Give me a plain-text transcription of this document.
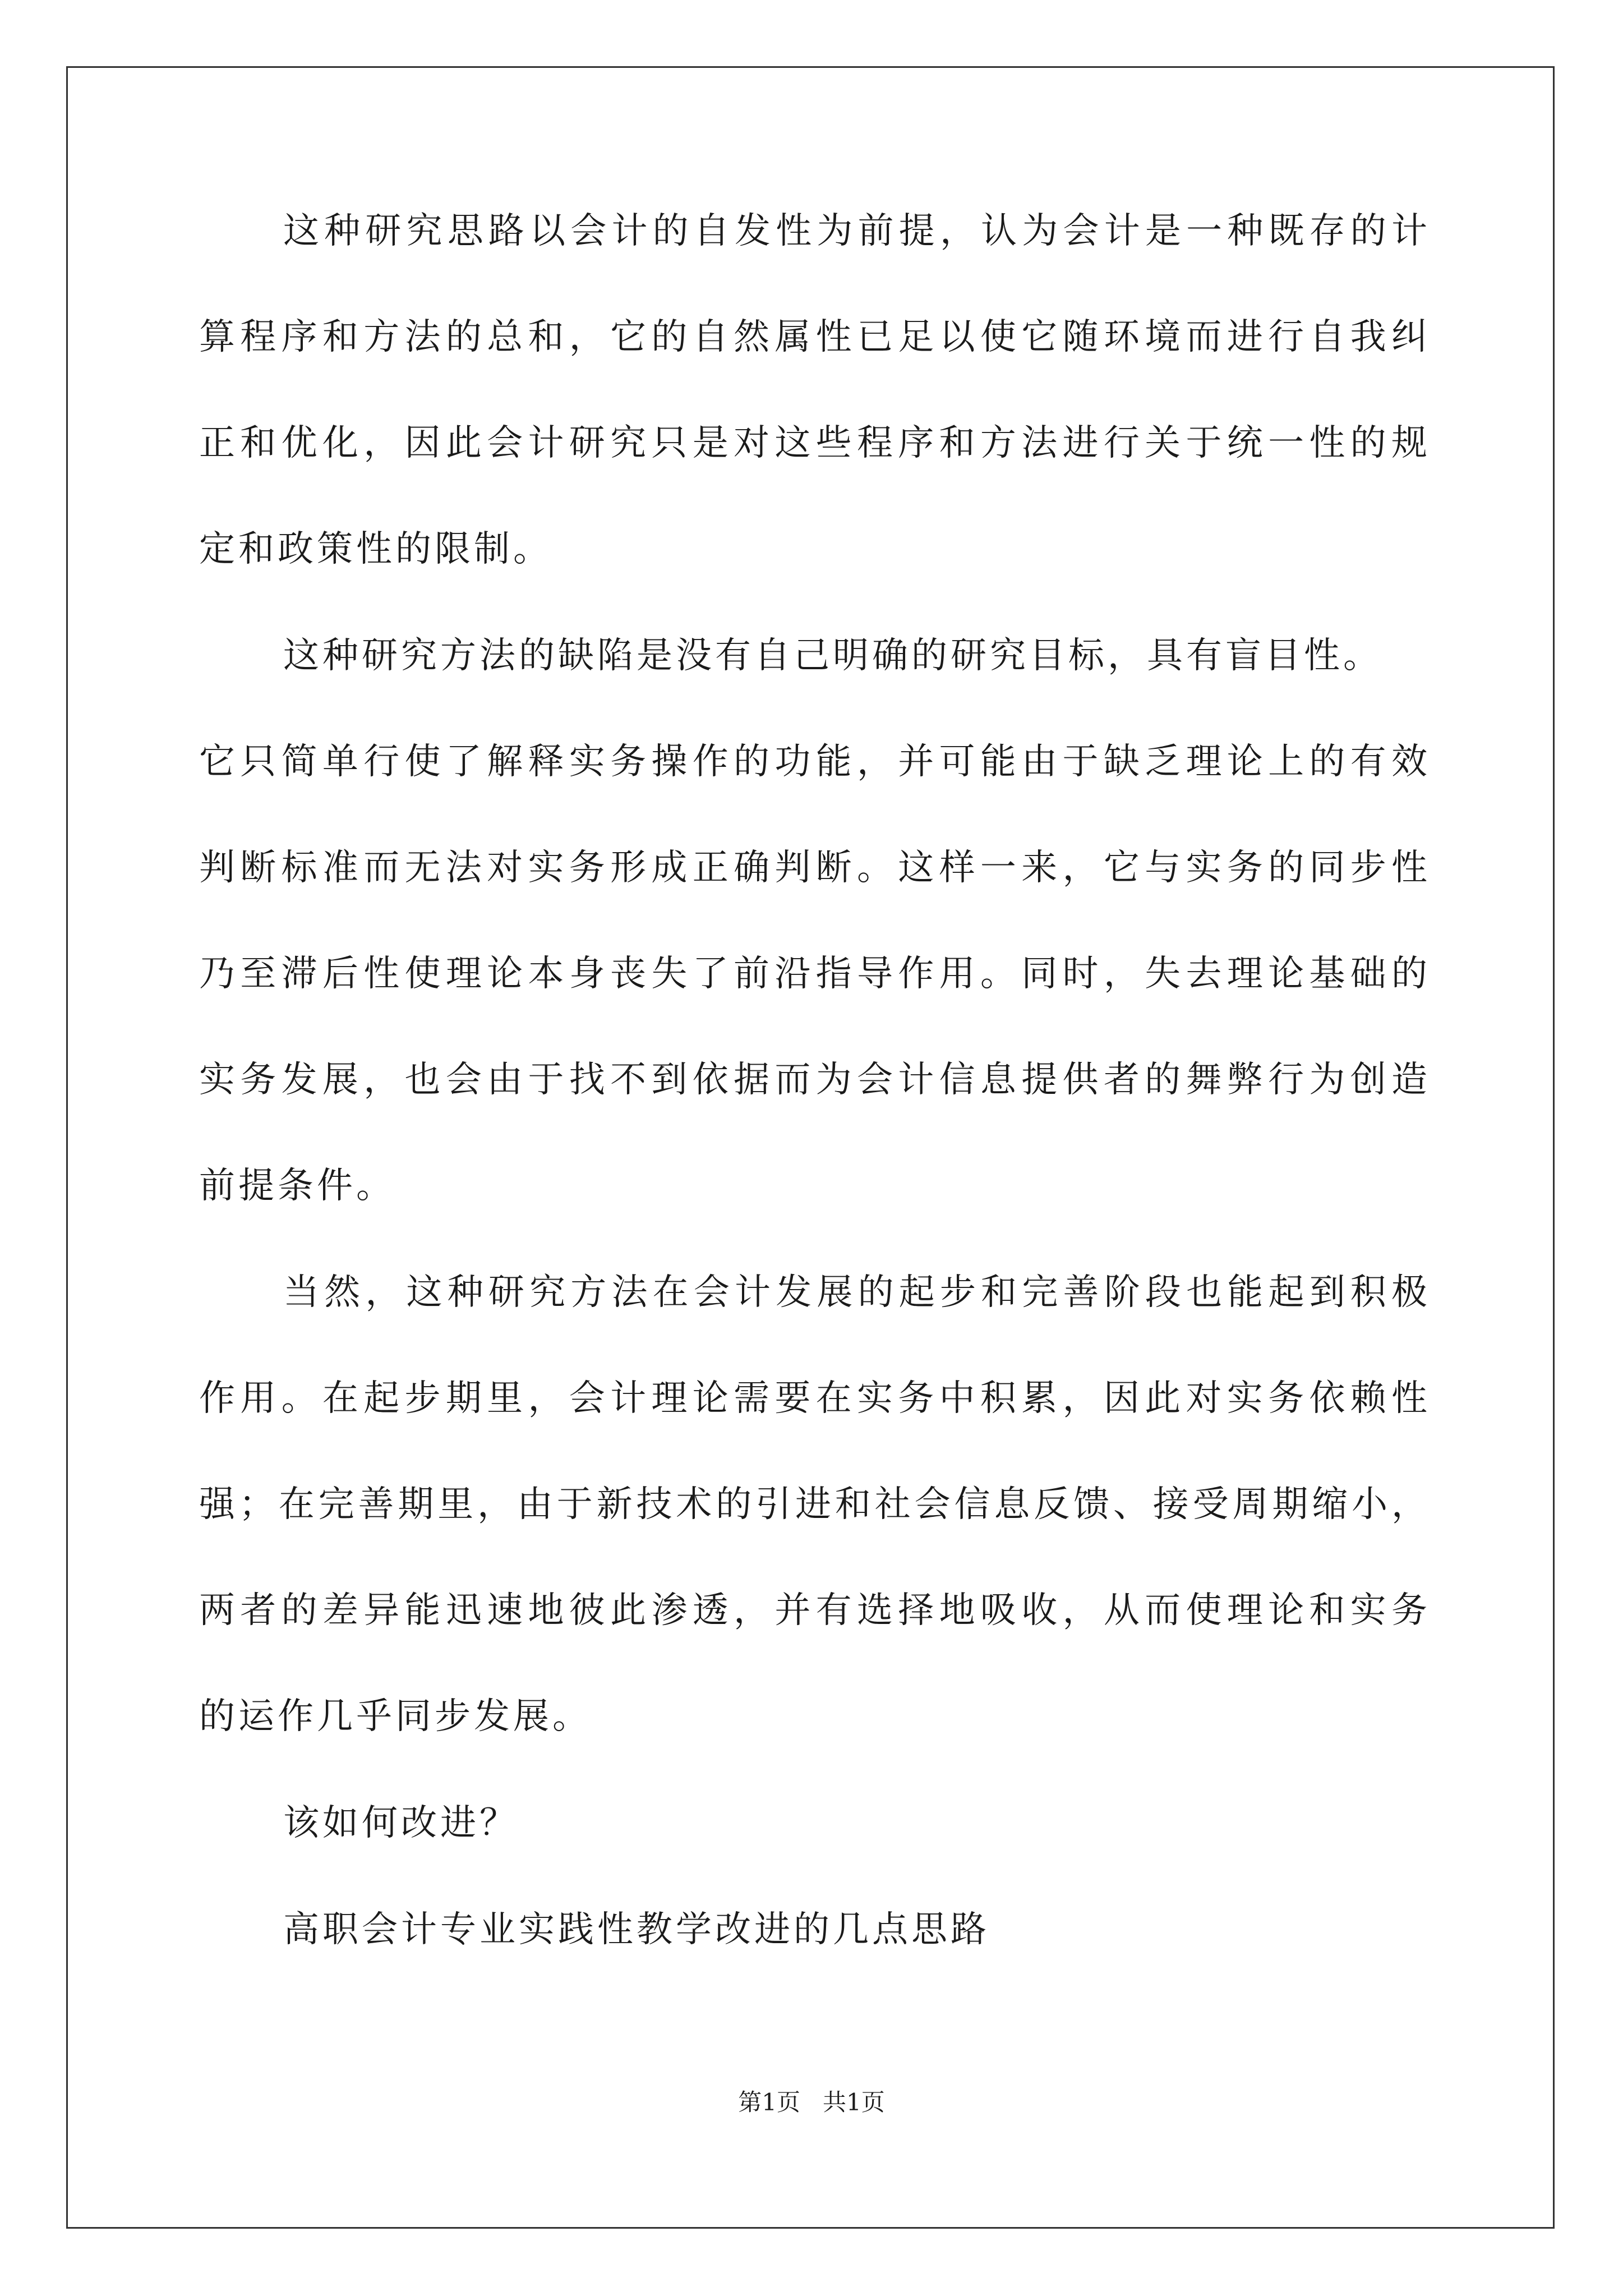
这种研究思路以会计的自发性为前提，认为会计是一种既存的计
算程序和方法的总和，它的自然属性已足以使它随环境而进行自我纠
正和优化，因此会计研究只是对这些程序和方法进行关于统一性的规
定和政策性的限制。
这种研究方法的缺陷是没有自己明确的研究目标，具有盲目性。
它只简单行使了解释实务操作的功能，并可能由于缺乏理论上的有效
判断标准而无法对实务形成正确判断。这样一来，它与实务的同步性
乃至滞后性使理论本身丧失了前沿指导作用。同时，失去理论基础的
实务发展，也会由于找不到依据而为会计信息提供者的舞弊行为创造
前提条件。
当然，这种研究方法在会计发展的起步和完善阶段也能起到积极
作用。在起步期里，会计理论需要在实务中积累，因此对实务依赖性
强；在完善期里，由于新技术的引进和社会信息反馈、接受周期缩小，
两者的差异能迅速地彼此渗透，并有选择地吸收，从而使理论和实务
的运作几乎同步发展。
该如何改进？
高职会计专业实践性教学改进的几点思路
第1页 共1页
